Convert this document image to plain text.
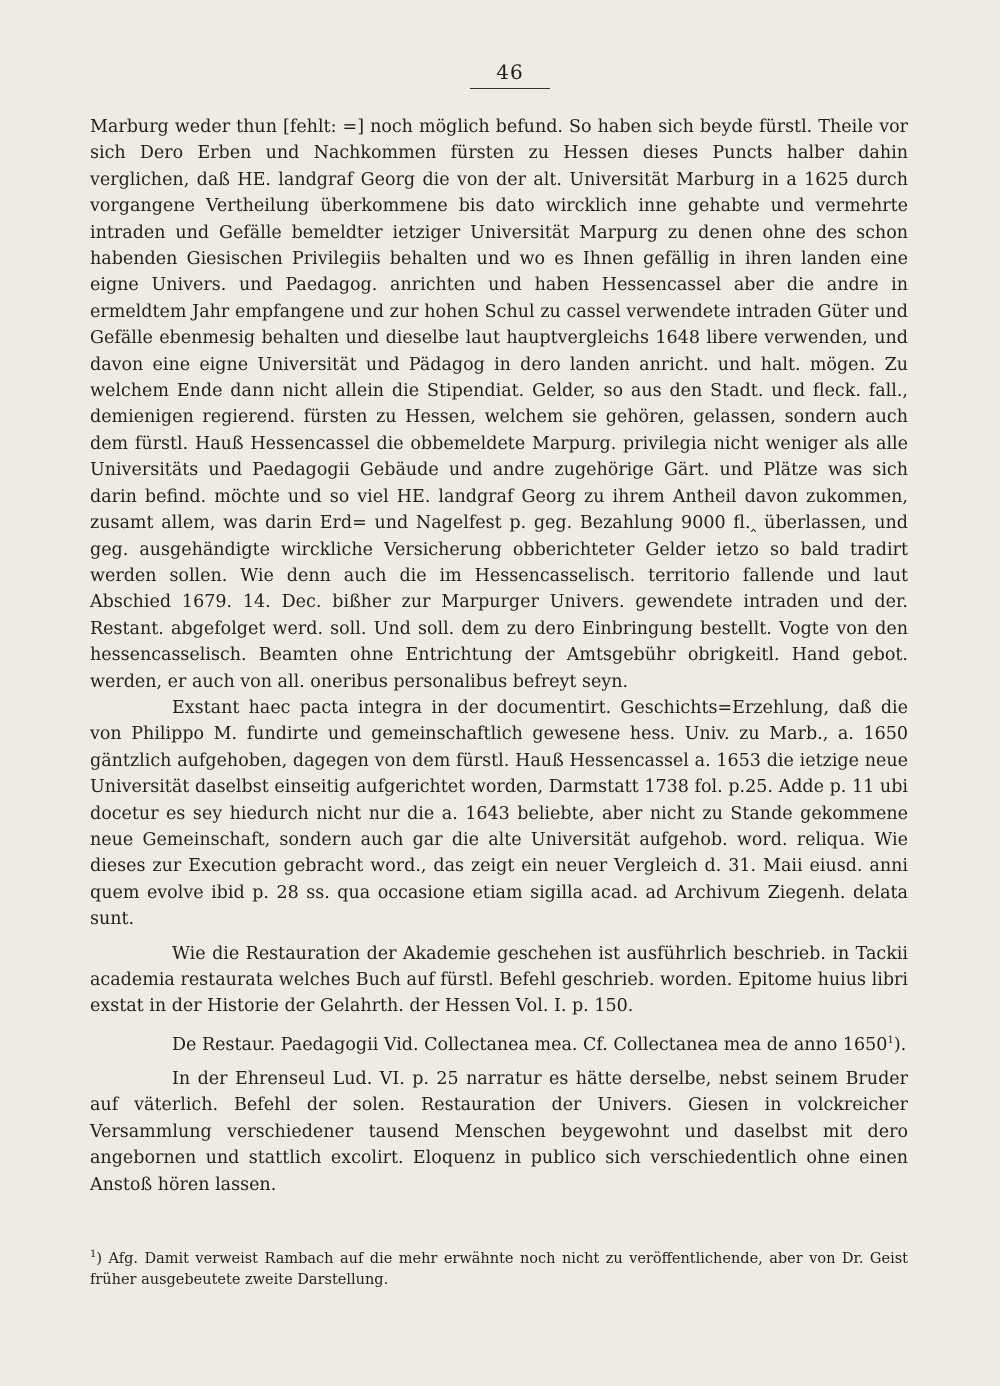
46

Marburg weder thun [fehlt: =] noch möglich befund. So haben sich beyde fürstl. Theile vor sich Dero Erben und Nachkommen fürsten zu Hessen dieses Puncts halber dahin verglichen, daß HE. landgraf Georg die von der alt. Universität Marburg in a 1625 durch vorgangene Vertheilung überkommene bis dato wircklich inne gehabte und vermehrte intraden und Gefälle bemeldter ietziger Universität Marpurg zu denen ohne des schon habenden Giesischen Privilegiis behalten und wo es Ihnen gefällig in ihren landen eine eigne Univers. und Paedagog. anrichten und haben Hessencassel aber die andre in ermeldtem Jahr empfangene und zur hohen Schul zu cassel verwendete intraden Güter und Gefälle ebenmesig behalten und dieselbe laut hauptvergleichs 1648 libere verwenden, und davon eine eigne Universität und Pädagog in dero landen anricht. und halt. mögen. Zu welchem Ende dann nicht allein die Stipendiat. Gelder, so aus den Stadt. und fleck. fall., demienigen regierend. fürsten zu Hessen, welchem sie gehören, gelassen, sondern auch dem fürstl. Hauß Hessencassel die obbemeldete Marpurg. privilegia nicht weniger als alle Universitäts und Paedagogii Gebäude und andre zugehörige Gärt. und Plätze was sich darin befind. möchte und so viel HE. landgraf Georg zu ihrem Antheil davon zukommen, zusamt allem, was darin Erd= und Nagelfest p. geg. Bezahlung 9000 fl.‸ überlassen, und geg. ausgehändigte wirckliche Versicherung obberichteter Gelder ietzo so bald tradirt werden sollen. Wie denn auch die im Hessencasselisch. territorio fallende und laut Abschied 1679. 14. Dec. bißher zur Marpurger Univers. gewendete intraden und der. Restant. abgefolget werd. soll. Und soll. dem zu dero Einbringung bestellt. Vogte von den hessencasselisch. Beamten ohne Entrichtung der Amtsgebühr obrigkeitl. Hand gebot. werden, er auch von all. oneribus personalibus befreyt seyn.

Exstant haec pacta integra in der documentirt. Geschichts=Erzehlung, daß die von Philippo M. fundirte und gemeinschaftlich gewesene hess. Univ. zu Marb., a. 1650 gäntzlich aufgehoben, dagegen von dem fürstl. Hauß Hessencassel a. 1653 die ietzige neue Universität daselbst einseitig aufgerichtet worden, Darmstatt 1738 fol. p.25. Adde p. 11 ubi docetur es sey hiedurch nicht nur die a. 1643 beliebte, aber nicht zu Stande gekommene neue Gemeinschaft, sondern auch gar die alte Universität aufgehob. word. reliqua. Wie dieses zur Execution gebracht word., das zeigt ein neuer Vergleich d. 31. Maii eiusd. anni quem evolve ibid p. 28 ss. qua occasione etiam sigilla acad. ad Archivum Ziegenh. delata sunt.

Wie die Restauration der Akademie geschehen ist ausführlich beschrieb. in Tackii academia restaurata welches Buch auf fürstl. Befehl geschrieb. worden. Epitome huius libri exstat in der Historie der Gelahrth. der Hessen Vol. I. p. 150.

De Restaur. Paedagogii Vid. Collectanea mea. Cf. Collectanea mea de anno 1650$^1$).

In der Ehrenseul Lud. VI. p. 25 narratur es hätte derselbe, nebst seinem Bruder auf väterlich. Befehl der solen. Restauration der Univers. Giesen in volckreicher Versammlung verschiedener tausend Menschen beygewohnt und daselbst mit dero angebornen und stattlich excolirt. Eloquenz in publico sich verschiedentlich ohne einen Anstoß hören lassen.

$^1$) Afg. Damit verweist Rambach auf die mehr erwähnte noch nicht zu veröffentlichende, aber von Dr. Geist früher ausgebeutete zweite Darstellung.
